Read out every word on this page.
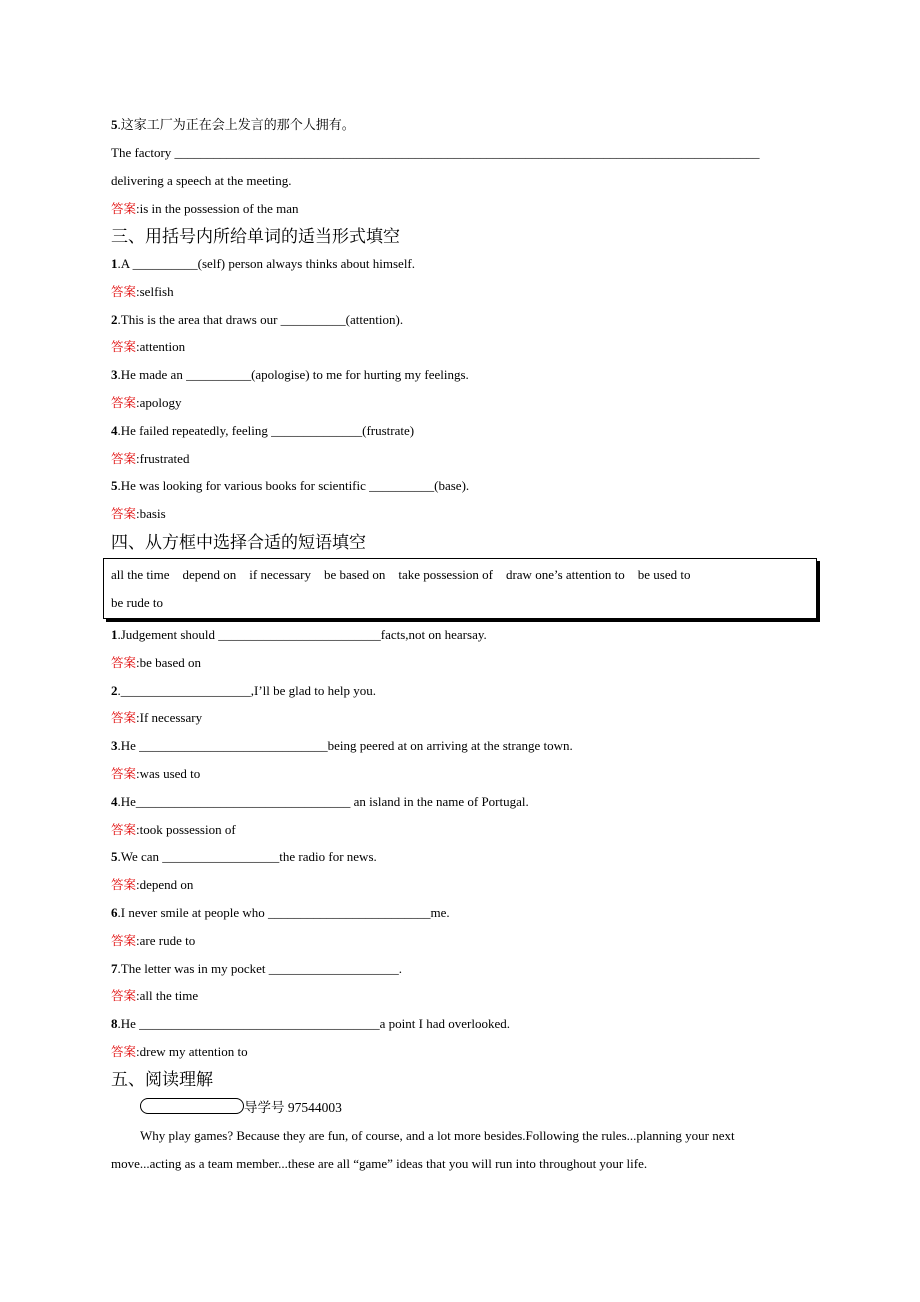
5.这家工厂为正在会上发言的那个人拥有。
The factory __________________________________________________________________________________________
delivering a speech at the meeting.
答案:is in the possession of the man
三、用括号内所给单词的适当形式填空
1.A __________(self) person always thinks about himself.
答案:selfish
2.This is the area that draws our __________(attention).
答案:attention
3.He made an __________(apologise) to me for hurting my feelings.
答案:apology
4.He failed repeatedly, feeling ______________(frustrate)
答案:frustrated
5.He was looking for various books for scientific __________(base).
答案:basis
四、从方框中选择合适的短语填空
all the time    depend on    if necessary    be based on    take possession of    draw one’s attention to    be used to
be rude to
1.Judgement should _________________________facts,not on hearsay.
答案:be based on
2.____________________,I’ll be glad to help you.
答案:If necessary
3.He _____________________________being peered at on arriving at the strange town.
答案:was used to
4.He_________________________________ an island in the name of Portugal.
答案:took possession of
5.We can __________________the radio for news.
答案:depend on
6.I never smile at people who _________________________me.
答案:are rude to
7.The letter was in my pocket ____________________.
答案:all the time
8.He _____________________________________a point I had overlooked.
答案:drew my attention to
五、阅读理解
导学号 97544003
Why play games? Because they are fun, of course, and a lot more besides.Following the rules...planning your next
move...acting as a team member...these are all “game” ideas that you will run into throughout your life.
